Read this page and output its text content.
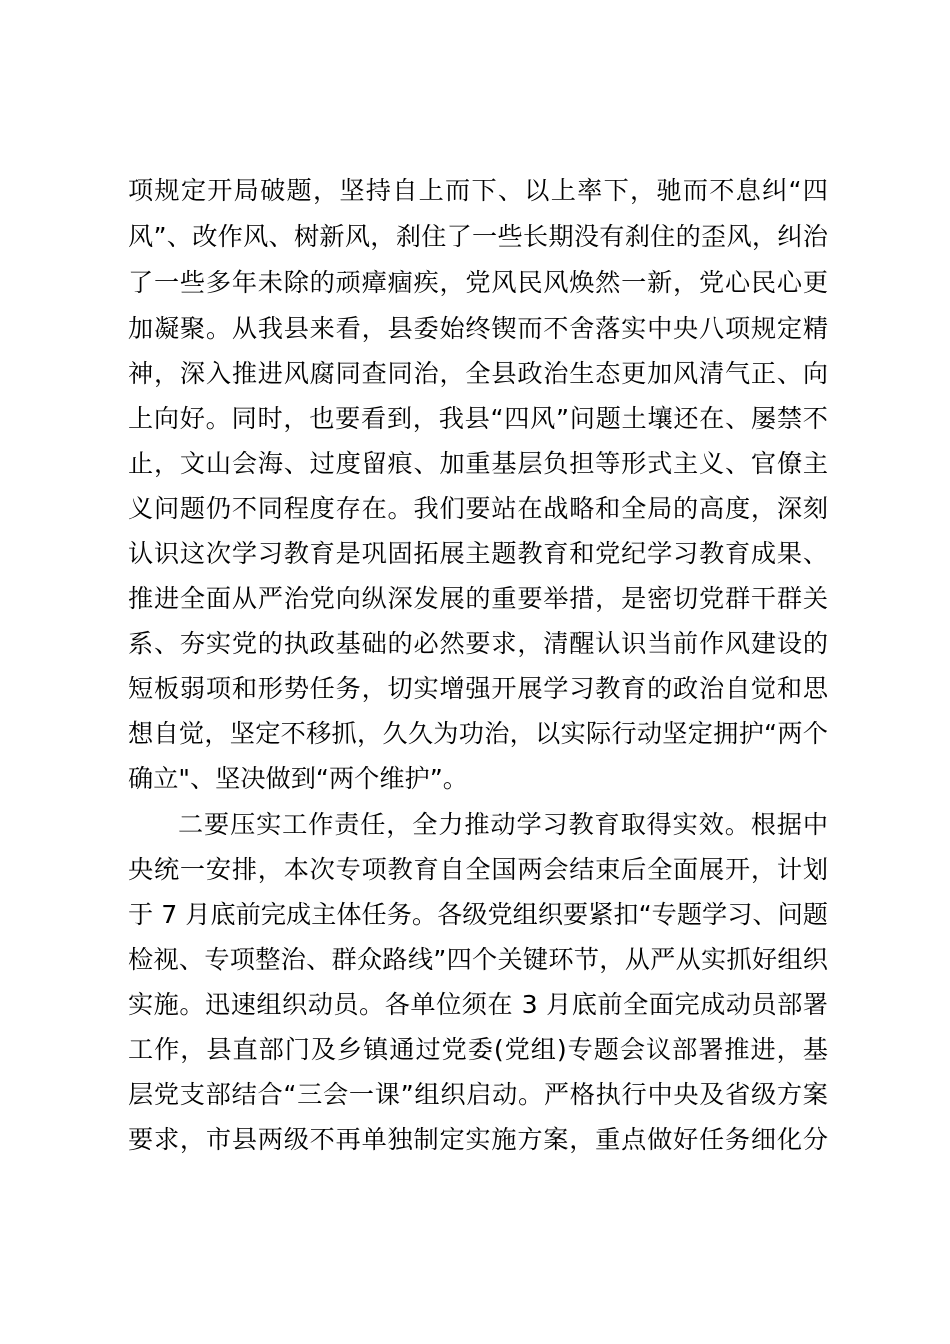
项规定开局破题，坚持自上而下、以上率下，驰而不息纠“四
风”、改作风、树新风，刹住了一些长期没有刹住的歪风，纠治
了一些多年未除的顽瘴痼疾，党风民风焕然一新，党心民心更
加凝聚。从我县来看，县委始终锲而不舍落实中央八项规定精
神，深入推进风腐同查同治，全县政治生态更加风清气正、向
上向好。同时，也要看到，我县“四风”问题土壤还在、屡禁不
止，文山会海、过度留痕、加重基层负担等形式主义、官僚主
义问题仍不同程度存在。我们要站在战略和全局的高度，深刻
认识这次学习教育是巩固拓展主题教育和党纪学习教育成果、
推进全面从严治党向纵深发展的重要举措，是密切党群干群关
系、夯实党的执政基础的必然要求，清醒认识当前作风建设的
短板弱项和形势任务，切实增强开展学习教育的政治自觉和思
想自觉，坚定不移抓，久久为功治，以实际行动坚定拥护“两个
确立"、坚决做到“两个维护”。
二要压实工作责任，全力推动学习教育取得实效。根据中
央统一安排，本次专项教育自全国两会结束后全面展开，计划
于 7 月底前完成主体任务。各级党组织要紧扣“专题学习、问题
检视、专项整治、群众路线”四个关键环节，从严从实抓好组织
实施。迅速组织动员。各单位须在 3 月底前全面完成动员部署
工作，县直部门及乡镇通过党委(党组)专题会议部署推进，基
层党支部结合“三会一课”组织启动。严格执行中央及省级方案
要求，市县两级不再单独制定实施方案，重点做好任务细化分
